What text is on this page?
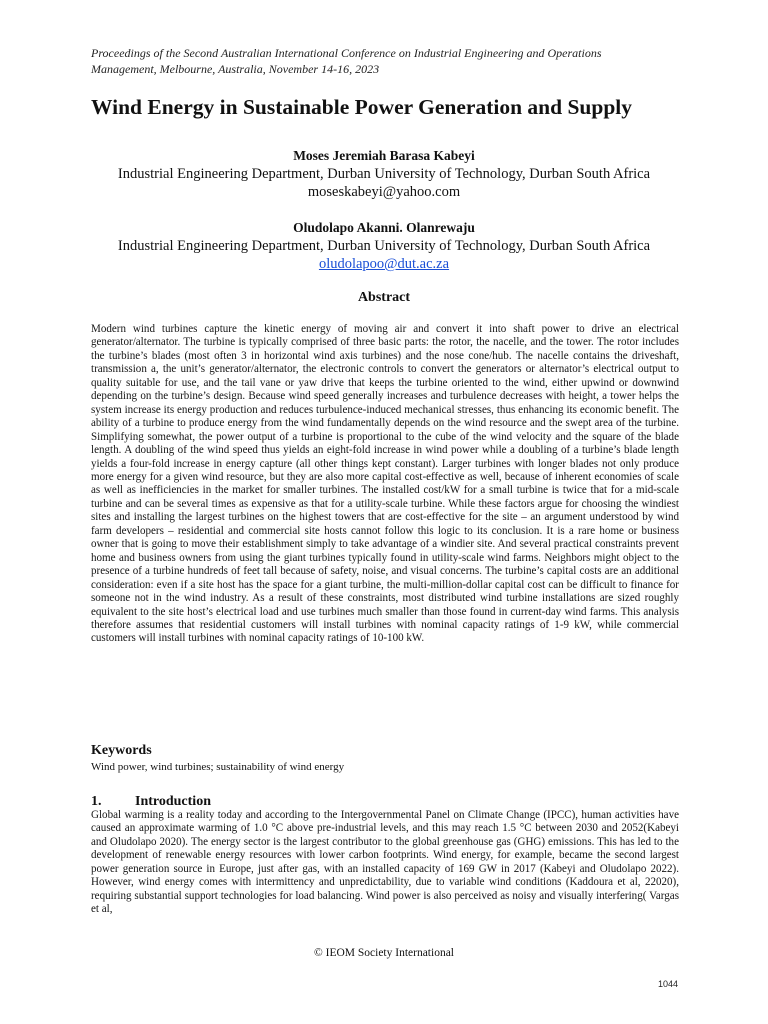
Proceedings of the Second Australian International Conference on Industrial Engineering and Operations
Management, Melbourne, Australia, November 14-16, 2023
Wind Energy in Sustainable Power Generation and Supply
Moses Jeremiah Barasa Kabeyi
Industrial Engineering Department, Durban University of Technology, Durban South Africa
moseskabeyi@yahoo.com
Oludolapo Akanni. Olanrewaju
Industrial Engineering Department, Durban University of Technology, Durban South Africa
oludolapoo@dut.ac.za
Abstract

Modern wind turbines capture the kinetic energy of moving air and convert it into shaft power to drive an electrical generator/alternator. The turbine is typically comprised of three basic parts: the rotor, the nacelle, and the tower. The rotor includes the turbine’s blades (most often 3 in horizontal wind axis turbines) and the nose cone/hub. The nacelle contains the driveshaft, transmission a, the unit’s generator/alternator, the electronic controls to convert the generators or alternator’s electrical output to quality suitable for use, and the tail vane or yaw drive that keeps the turbine oriented to the wind, either upwind or downwind depending on the turbine’s design. Because wind speed generally increases and turbulence decreases with height, a tower helps the system increase its energy production and reduces turbulence-induced mechanical stresses, thus enhancing its economic benefit. The ability of a turbine to produce energy from the wind fundamentally depends on the wind resource and the swept area of the turbine. Simplifying somewhat, the power output of a turbine is proportional to the cube of the wind velocity and the square of the blade length. A doubling of the wind speed thus yields an eight-fold increase in wind power while a doubling of a turbine’s blade length yields a four-fold increase in energy capture (all other things kept constant). Larger turbines with longer blades not only produce more energy for a given wind resource, but they are also more capital cost-effective as well, because of inherent economies of scale as well as inefficiencies in the market for smaller turbines. The installed cost/kW for a small turbine is twice that for a mid-scale turbine and can be several times as expensive as that for a utility-scale turbine. While these factors argue for choosing the windiest sites and installing the largest turbines on the highest towers that are cost-effective for the site – an argument understood by wind farm developers – residential and commercial site hosts cannot follow this logic to its conclusion. It is a rare home or business owner that is going to move their establishment simply to take advantage of a windier site. And several practical constraints prevent home and business owners from using the giant turbines typically found in utility-scale wind farms. Neighbors might object to the presence of a turbine hundreds of feet tall because of safety, noise, and visual concerns. The turbine’s capital costs are an additional consideration: even if a site host has the space for a giant turbine, the multi-million-dollar capital cost can be difficult to finance for someone not in the wind industry. As a result of these constraints, most distributed wind turbine installations are sized roughly equivalent to the site host’s electrical load and use turbines much smaller than those found in current-day wind farms. This analysis therefore assumes that residential customers will install turbines with nominal capacity ratings of 1-9 kW, while commercial customers will install turbines with nominal capacity ratings of 10-100 kW.

Keywords
Wind power, wind turbines; sustainability of wind energy
1. Introduction

Global warming is a reality today and according to the Intergovernmental Panel on Climate Change (IPCC), human activities have caused an approximate warming of 1.0 °C above pre-industrial levels, and this may reach 1.5 °C between 2030 and 2052(Kabeyi and Oludolapo 2020). The energy sector is the largest contributor to the global greenhouse gas (GHG) emissions. This has led to the development of renewable energy resources with lower carbon footprints. Wind energy, for example, became the second largest power generation source in Europe, just after gas, with an installed capacity of 169 GW in 2017 (Kabeyi and Oludolapo 2022). However, wind energy comes with intermittency and unpredictability, due to variable wind conditions (Kaddoura et al, 22020), requiring substantial support technologies for load balancing. Wind power is also perceived as noisy and visually interfering( Vargas et al,

© IEOM Society International
1044
